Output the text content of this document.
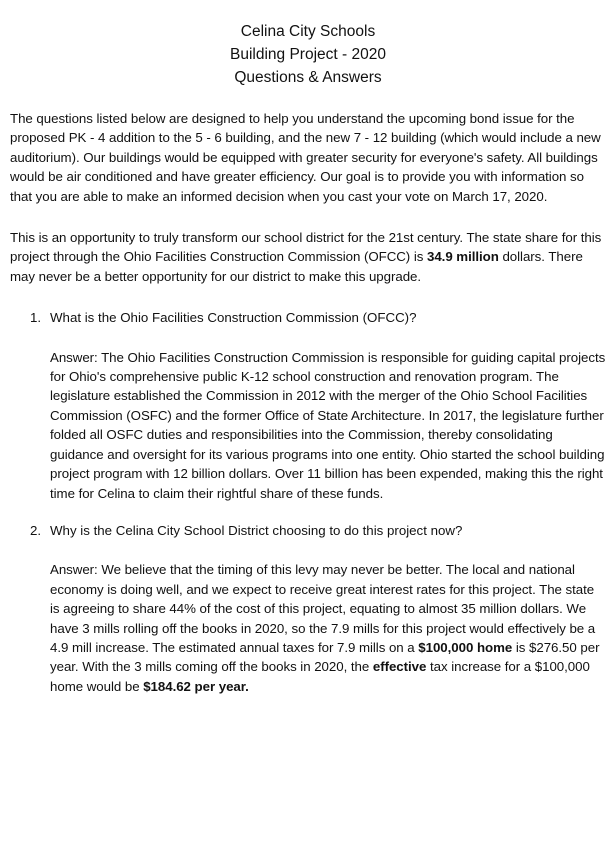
Celina City Schools
Building Project - 2020
Questions & Answers

The questions listed below are designed to help you understand the upcoming bond issue for the proposed PK - 4 addition to the 5 - 6 building, and the new 7 - 12 building (which would include a new auditorium). Our buildings would be equipped with greater security for everyone's safety. All buildings would be air conditioned and have greater efficiency. Our goal is to provide you with information so that you are able to make an informed decision when you cast your vote on March 17, 2020.

This is an opportunity to truly transform our school district for the 21st century. The state share for this project through the Ohio Facilities Construction Commission (OFCC) is 34.9 million dollars. There may never be a better opportunity for our district to make this upgrade.

1. What is the Ohio Facilities Construction Commission (OFCC)?
Answer: The Ohio Facilities Construction Commission is responsible for guiding capital projects for Ohio's comprehensive public K-12 school construction and renovation program. The legislature established the Commission in 2012 with the merger of the Ohio School Facilities Commission (OSFC) and the former Office of State Architecture. In 2017, the legislature further folded all OSFC duties and responsibilities into the Commission, thereby consolidating guidance and oversight for its various programs into one entity. Ohio started the school building project program with 12 billion dollars. Over 11 billion has been expended, making this the right time for Celina to claim their rightful share of these funds.
2. Why is the Celina City School District choosing to do this project now?
Answer: We believe that the timing of this levy may never be better. The local and national economy is doing well, and we expect to receive great interest rates for this project. The state is agreeing to share 44% of the cost of this project, equating to almost 35 million dollars. We have 3 mills rolling off the books in 2020, so the 7.9 mills for this project would effectively be a 4.9 mill increase. The estimated annual taxes for 7.9 mills on a $100,000 home is $276.50 per year. With the 3 mills coming off the books in 2020, the effective tax increase for a $100,000 home would be $184.62 per year.
